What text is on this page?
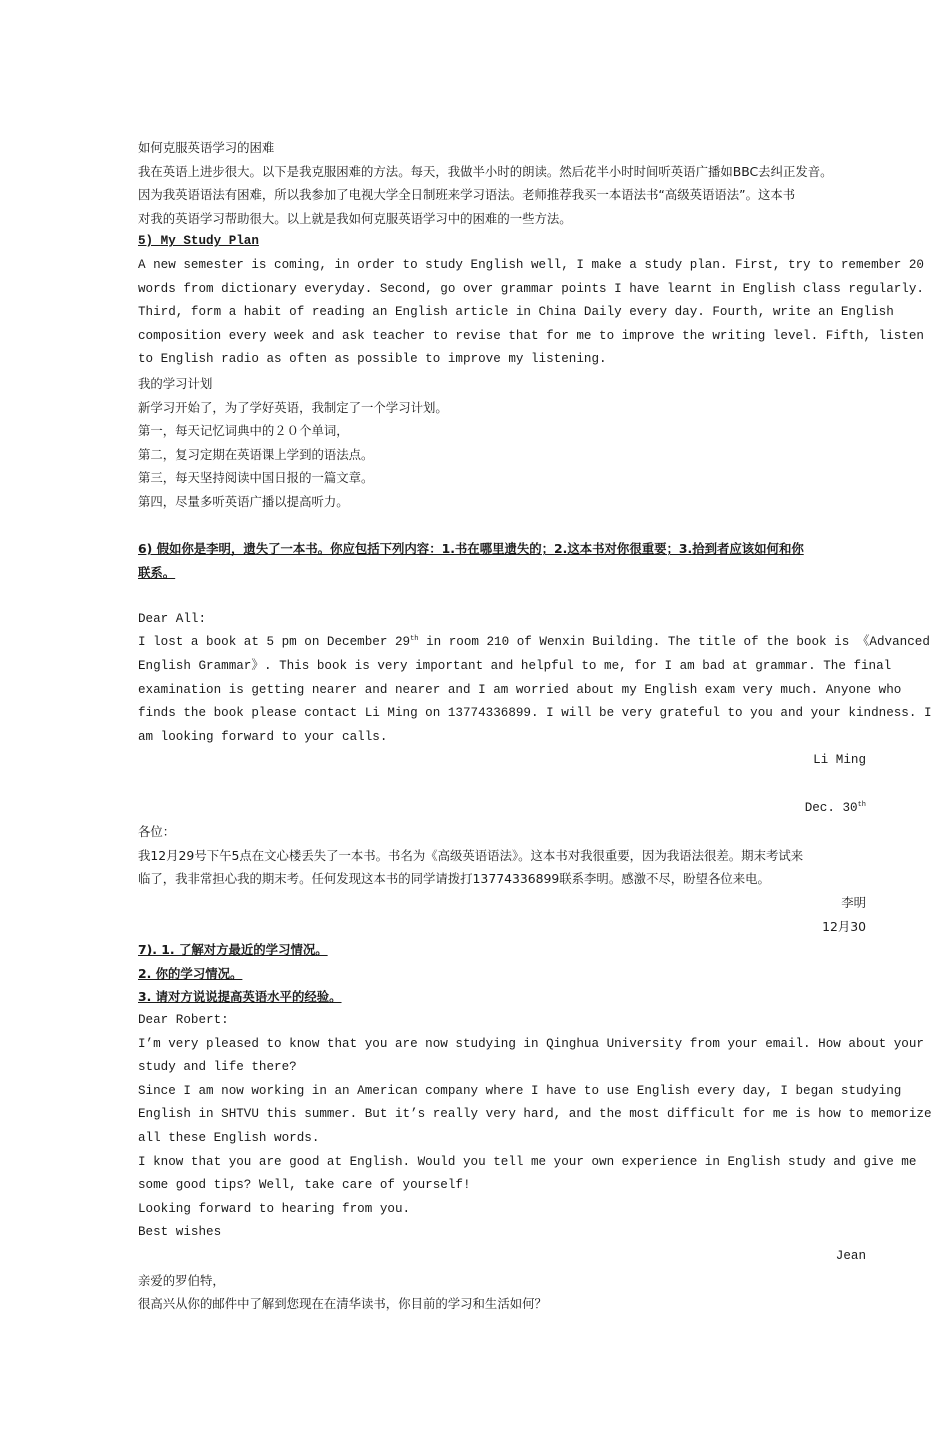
如何克服英语学习的困难
我在英语上进步很大。以下是我克服困难的方法。每天，我做半小时的朗读。然后花半小时时间听英语广播如BBC去纠正发音。
因为我英语语法有困难，所以我参加了电视大学全日制班来学习语法。老师推荐我买一本语法书“高级英语语法”。这本书
对我的英语学习帮助很大。以上就是我如何克服英语学习中的困难的一些方法。
5) My Study Plan
A new semester is coming, in order to study English well, I make a study plan. First, try to remember 20
words from dictionary everyday. Second, go over grammar points I have learnt in English class regularly.
Third, form a habit of reading an English article in China Daily every day. Fourth, write an English
composition every week and ask teacher to revise that for me to improve the writing level. Fifth, listen
to English radio as often as possible to improve my listening.
我的学习计划
新学习开始了，为了学好英语，我制定了一个学习计划。
第一，每天记忆词典中的２０个单词，
第二，复习定期在英语课上学到的语法点。
第三，每天坚持阅读中国日报的一篇文章。
第四，尽量多听英语广播以提高听力。
6) 假如你是李明，遗失了一本书。你应包括下列内容：1.书在哪里遗失的；2.这本书对你很重要；3.拾到者应该如何和你
联系。
Dear All:
I lost a book at 5 pm on December 29th in room 210 of Wenxin Building. The title of the book is 《Advanced
English Grammar》. This book is very important and helpful to me, for I am bad at grammar. The final
examination is getting nearer and nearer and I am worried about my English exam very much. Anyone who
finds the book please contact Li Ming on 13774336899. I will be very grateful to you and your kindness. I
am looking forward to your calls.
Li Ming
Dec. 30th
各位：
我12月29号下午5点在文心楼丢失了一本书。书名为《高级英语语法》。这本书对我很重要，因为我语法很差。期末考试来
临了，我非常担心我的期末考。任何发现这本书的同学请拨打13774336899联系李明。感激不尽，盼望各位来电。
李明
12月30
7). 1. 了解对方最近的学习情况。
2. 你的学习情况。
3. 请对方说说提高英语水平的经验。
Dear Robert:
I’m very pleased to know that you are now studying in Qinghua University from your email. How about your
study and life there?
Since I am now working in an American company where I have to use English every day, I began studying
English in SHTVU this summer. But it’s really very hard, and the most difficult for me is how to memorize
all these English words.
I know that you are good at English. Would you tell me your own experience in English study and give me
some good tips? Well, take care of yourself!
Looking forward to hearing from you.
Best wishes
Jean
亲爱的罗伯特，
很高兴从你的邮件中了解到您现在在清华读书，你目前的学习和生活如何？
